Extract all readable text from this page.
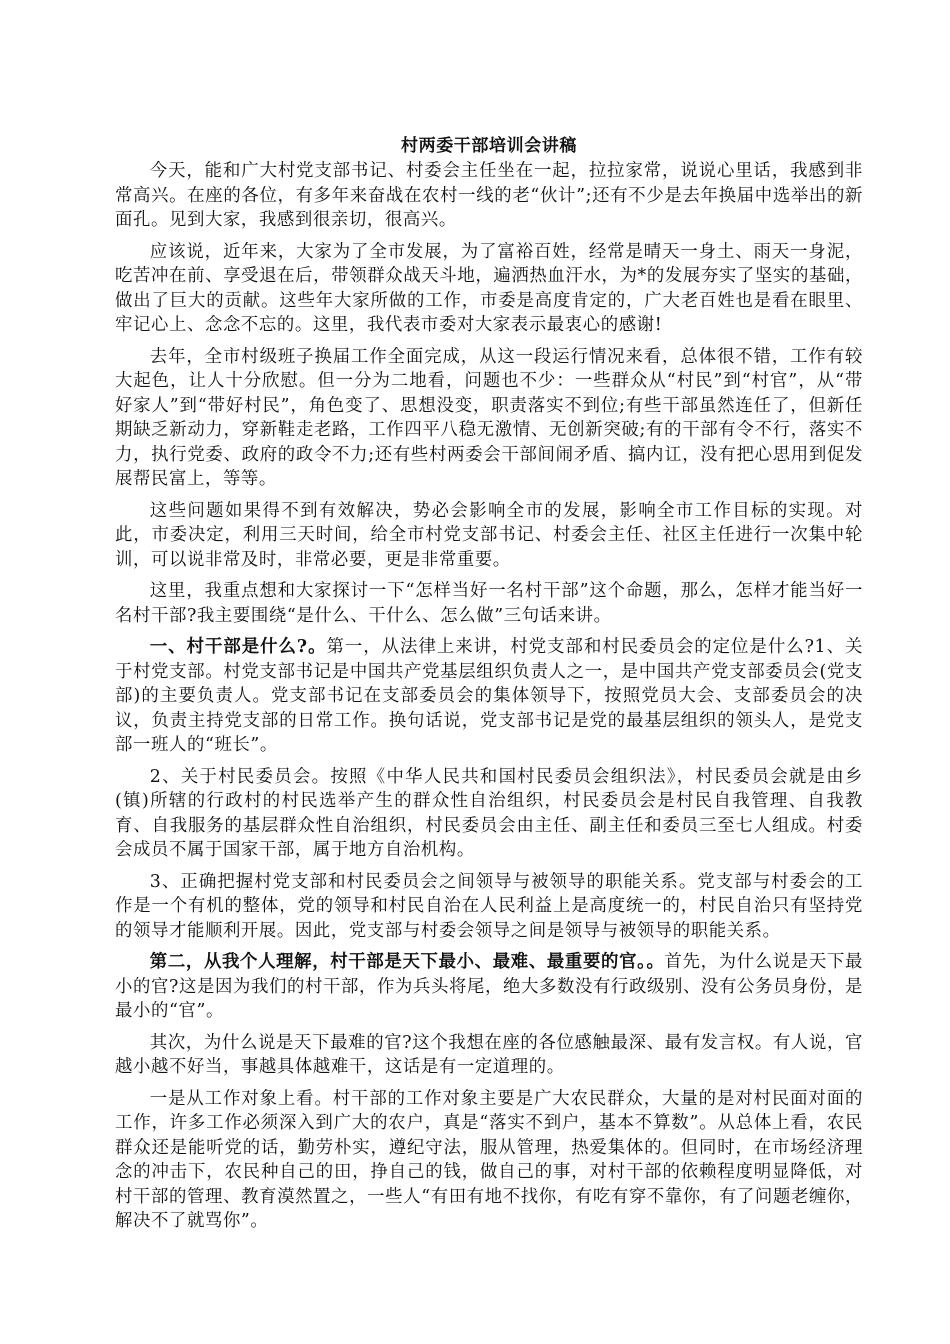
村两委干部培训会讲稿

今天，能和广大村党支部书记、村委会主任坐在一起，拉拉家常，说说心里话，我感到非常高兴。在座的各位，有多年来奋战在农村一线的老“伙计”;还有不少是去年换届中选举出的新面孔。见到大家，我感到很亲切，很高兴。

应该说，近年来，大家为了全市发展，为了富裕百姓，经常是晴天一身土、雨天一身泥，吃苦冲在前、享受退在后，带领群众战天斗地，遍洒热血汗水，为*的发展夯实了坚实的基础，做出了巨大的贡献。这些年大家所做的工作，市委是高度肯定的，广大老百姓也是看在眼里、牢记心上、念念不忘的。这里，我代表市委对大家表示最衷心的感谢!

去年，全市村级班子换届工作全面完成，从这一段运行情况来看，总体很不错，工作有较大起色，让人十分欣慰。但一分为二地看，问题也不少：一些群众从“村民”到“村官”，从“带好家人”到“带好村民”，角色变了、思想没变，职责落实不到位;有些干部虽然连任了，但新任期缺乏新动力，穿新鞋走老路，工作四平八稳无激情、无创新突破;有的干部有令不行，落实不力，执行党委、政府的政令不力;还有些村两委会干部间闹矛盾、搞内讧，没有把心思用到促发展帮民富上，等等。

这些问题如果得不到有效解决，势必会影响全市的发展，影响全市工作目标的实现。对此，市委决定，利用三天时间，给全市村党支部书记、村委会主任、社区主任进行一次集中轮训，可以说非常及时，非常必要，更是非常重要。

这里，我重点想和大家探讨一下“怎样当好一名村干部”这个命题，那么，怎样才能当好一名村干部?我主要围绕“是什么、干什么、怎么做”三句话来讲。

一、村干部是什么?。第一，从法律上来讲，村党支部和村民委员会的定位是什么?1、关于村党支部。村党支部书记是中国共产党基层组织负责人之一，是中国共产党支部委员会(党支部)的主要负责人。党支部书记在支部委员会的集体领导下，按照党员大会、支部委员会的决议，负责主持党支部的日常工作。换句话说，党支部书记是党的最基层组织的领头人，是党支部一班人的“班长”。

2、关于村民委员会。按照《中华人民共和国村民委员会组织法》，村民委员会就是由乡(镇)所辖的行政村的村民选举产生的群众性自治组织，村民委员会是村民自我管理、自我教育、自我服务的基层群众性自治组织，村民委员会由主任、副主任和委员三至七人组成。村委会成员不属于国家干部，属于地方自治机构。

3、正确把握村党支部和村民委员会之间领导与被领导的职能关系。党支部与村委会的工作是一个有机的整体，党的领导和村民自治在人民利益上是高度统一的，村民自治只有坚持党的领导才能顺利开展。因此，党支部与村委会领导之间是领导与被领导的职能关系。

第二，从我个人理解，村干部是天下最小、最难、最重要的官。。首先，为什么说是天下最小的官?这是因为我们的村干部，作为兵头将尾，绝大多数没有行政级别、没有公务员身份，是最小的“官”。

其次，为什么说是天下最难的官?这个我想在座的各位感触最深、最有发言权。有人说，官越小越不好当，事越具体越难干，这话是有一定道理的。

一是从工作对象上看。村干部的工作对象主要是广大农民群众，大量的是对村民面对面的工作，许多工作必须深入到广大的农户，真是“落实不到户，基本不算数”。从总体上看，农民群众还是能听党的话，勤劳朴实，遵纪守法，服从管理，热爱集体的。但同时，在市场经济理念的冲击下，农民种自己的田，挣自己的钱，做自己的事，对村干部的依赖程度明显降低，对村干部的管理、教育漠然置之，一些人“有田有地不找你，有吃有穿不靠你，有了问题老缠你，解决不了就骂你”。
